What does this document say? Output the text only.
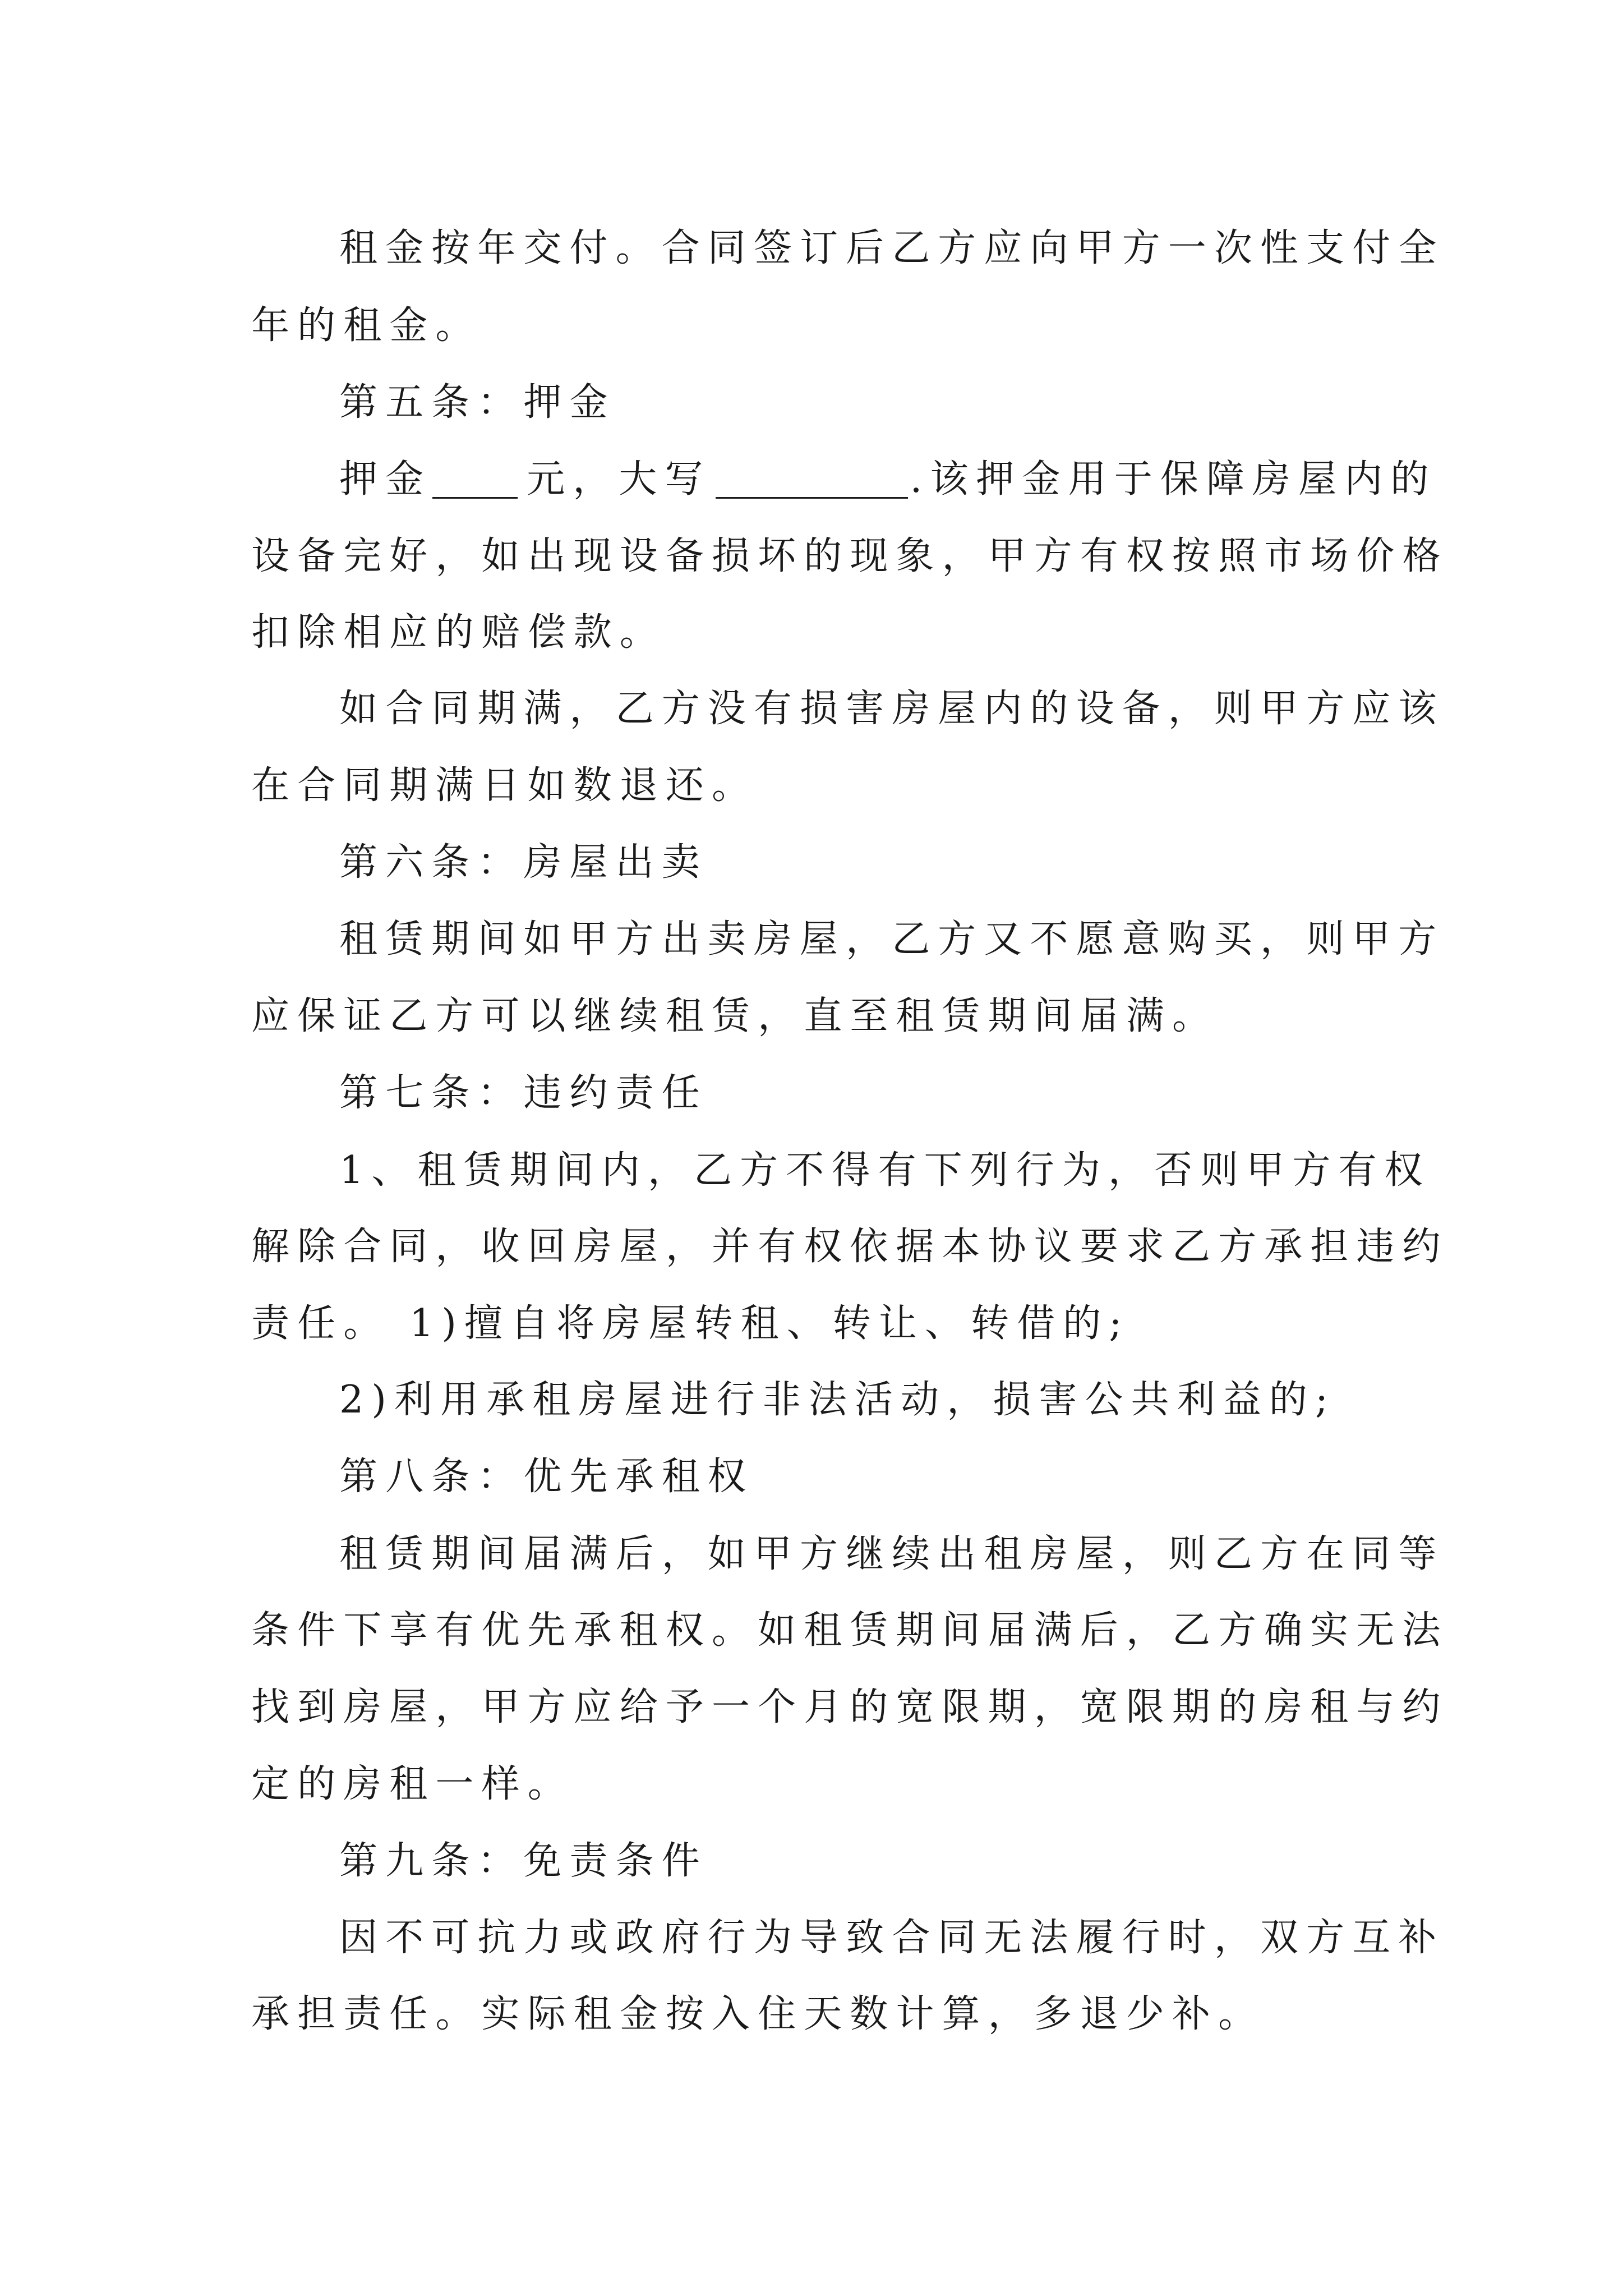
租金按年交付。合同签订后乙方应向甲方一次性支付全

年的租金。

第五条：押金

押金	元，大写	.该押金用于保障房屋内的

设备完好，如出现设备损坏的现象，甲方有权按照市场价格

扣除相应的赔偿款。

如合同期满，乙方没有损害房屋内的设备，则甲方应该

在合同期满日如数退还。

第六条：房屋出卖

租赁期间如甲方出卖房屋，乙方又不愿意购买，则甲方

应保证乙方可以继续租赁，直至租赁期间届满。

第七条：违约责任

1、租赁期间内，乙方不得有下列行为，否则甲方有权

解除合同，收回房屋，并有权依据本协议要求乙方承担违约

责任。 1)擅自将房屋转租、转让、转借的;

2)利用承租房屋进行非法活动，损害公共利益的;

第八条：优先承租权

租赁期间届满后，如甲方继续出租房屋，则乙方在同等

条件下享有优先承租权。如租赁期间届满后，乙方确实无法

找到房屋，甲方应给予一个月的宽限期，宽限期的房租与约

定的房租一样。

第九条：免责条件

因不可抗力或政府行为导致合同无法履行时，双方互补

承担责任。实际租金按入住天数计算，多退少补。
